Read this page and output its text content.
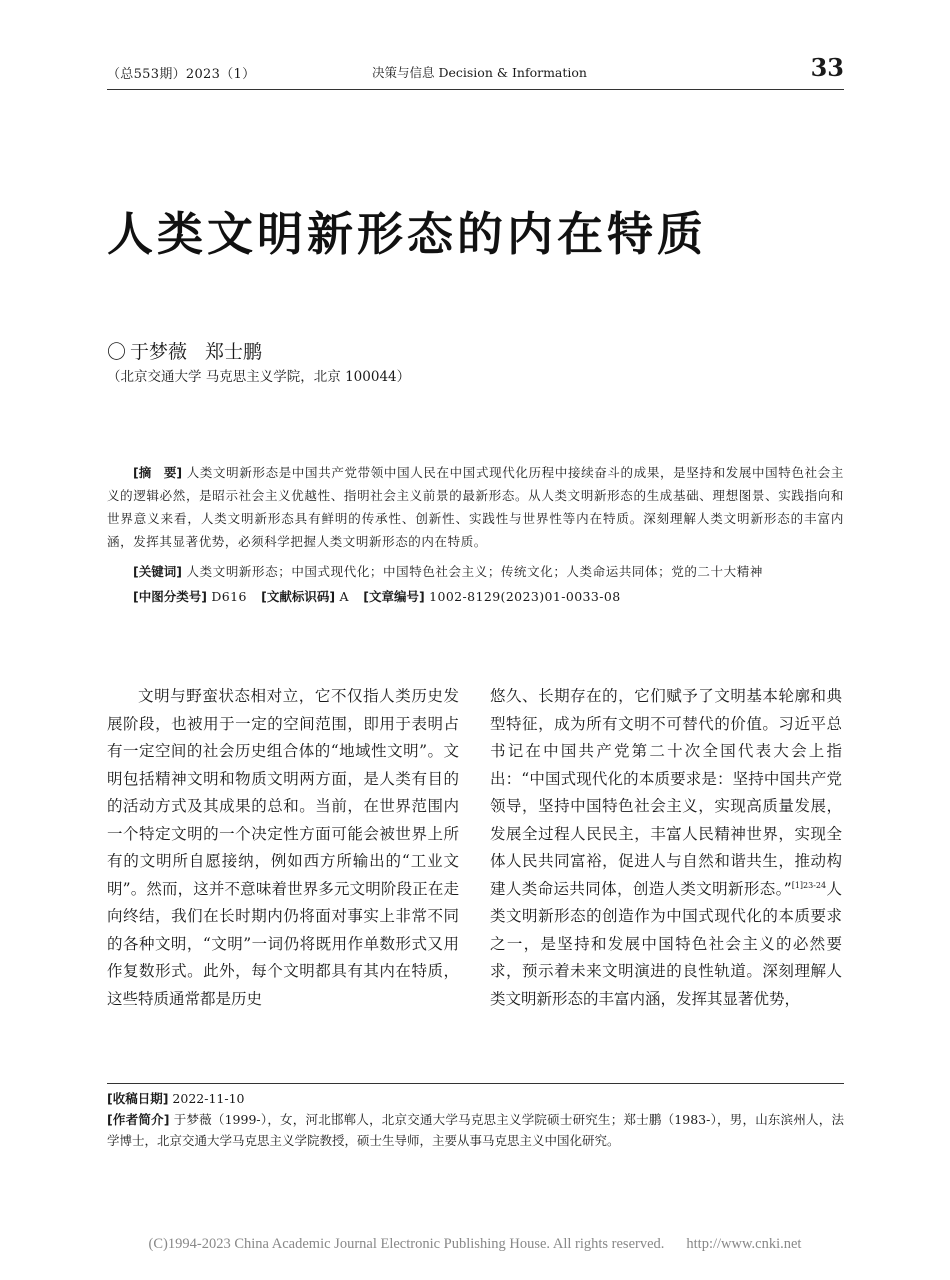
（总553期）2023（1）	决策与信息 Decision & Information	33
人类文明新形态的内在特质
〇 于梦薇 郑士鹏
（北京交通大学 马克思主义学院，北京 100044）
[摘　要] 人类文明新形态是中国共产党带领中国人民在中国式现代化历程中接续奋斗的成果，是坚持和发展中国特色社会主义的逻辑必然，是昭示社会主义优越性、指明社会主义前景的最新形态。从人类文明新形态的生成基础、理想图景、实践指向和世界意义来看，人类文明新形态具有鲜明的传承性、创新性、实践性与世界性等内在特质。深刻理解人类文明新形态的丰富内涵，发挥其显著优势，必须科学把握人类文明新形态的内在特质。
[关键词] 人类文明新形态；中国式现代化；中国特色社会主义；传统文化；人类命运共同体；党的二十大精神
[中图分类号] D616 [文献标识码] A [文章编号] 1002-8129(2023)01-0033-08
文明与野蛮状态相对立，它不仅指人类历史发展阶段，也被用于一定的空间范围，即用于表明占有一定空间的社会历史组合体的“地域性文明”。文明包括精神文明和物质文明两方面，是人类有目的的活动方式及其成果的总和。当前，在世界范围内一个特定文明的一个决定性方面可能会被世界上所有的文明所自愿接纳，例如西方所输出的“工业文明”。然而，这并不意味着世界多元文明阶段正在走向终结，我们在长时期内仍将面对事实上非常不同的各种文明，“文明”一词仍将既用作单数形式又用作复数形式。此外，每个文明都具有其内在特质，这些特质通常都是历史
悠久、长期存在的，它们赋予了文明基本轮廓和典型特征，成为所有文明不可替代的价值。习近平总书记在中国共产党第二十次全国代表大会上指出：“中国式现代化的本质要求是：坚持中国共产党领导，坚持中国特色社会主义，实现高质量发展，发展全过程人民民主，丰富人民精神世界，实现全体人民共同富裕，促进人与自然和谐共生，推动构建人类命运共同体，创造人类文明新形态。”$^{[1]23-24}$人类文明新形态的创造作为中国式现代化的本质要求之一，是坚持和发展中国特色社会主义的必然要求，预示着未来文明演进的良性轨道。深刻理解人类文明新形态的丰富内涵，发挥其显著优势，
[收稿日期] 2022-11-10
[作者简介] 于梦薇（1999-），女，河北邯郸人，北京交通大学马克思主义学院硕士研究生；郑士鹏（1983-），男，山东滨州人，法学博士，北京交通大学马克思主义学院教授，硕士生导师，主要从事马克思主义中国化研究。
(C)1994-2023 China Academic Journal Electronic Publishing House. All rights reserved. http://www.cnki.net
